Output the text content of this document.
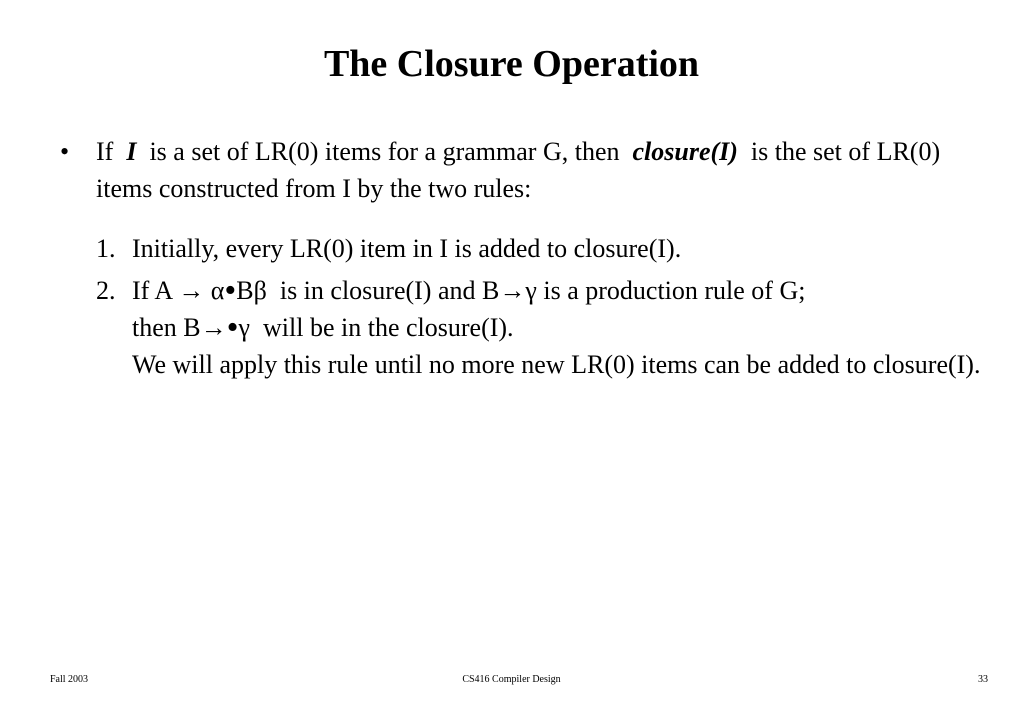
The Closure Operation
• If I is a set of LR(0) items for a grammar G, then closure(I) is the set of LR(0) items constructed from I by the two rules:
1. Initially, every LR(0) item in I is added to closure(I).
2. If A → α•Bβ is in closure(I) and B→γ is a production rule of G;
then B→•γ will be in the closure(I).
We will apply this rule until no more new LR(0) items can be added to closure(I).
Fall 2003	CS416 Compiler Design	33
